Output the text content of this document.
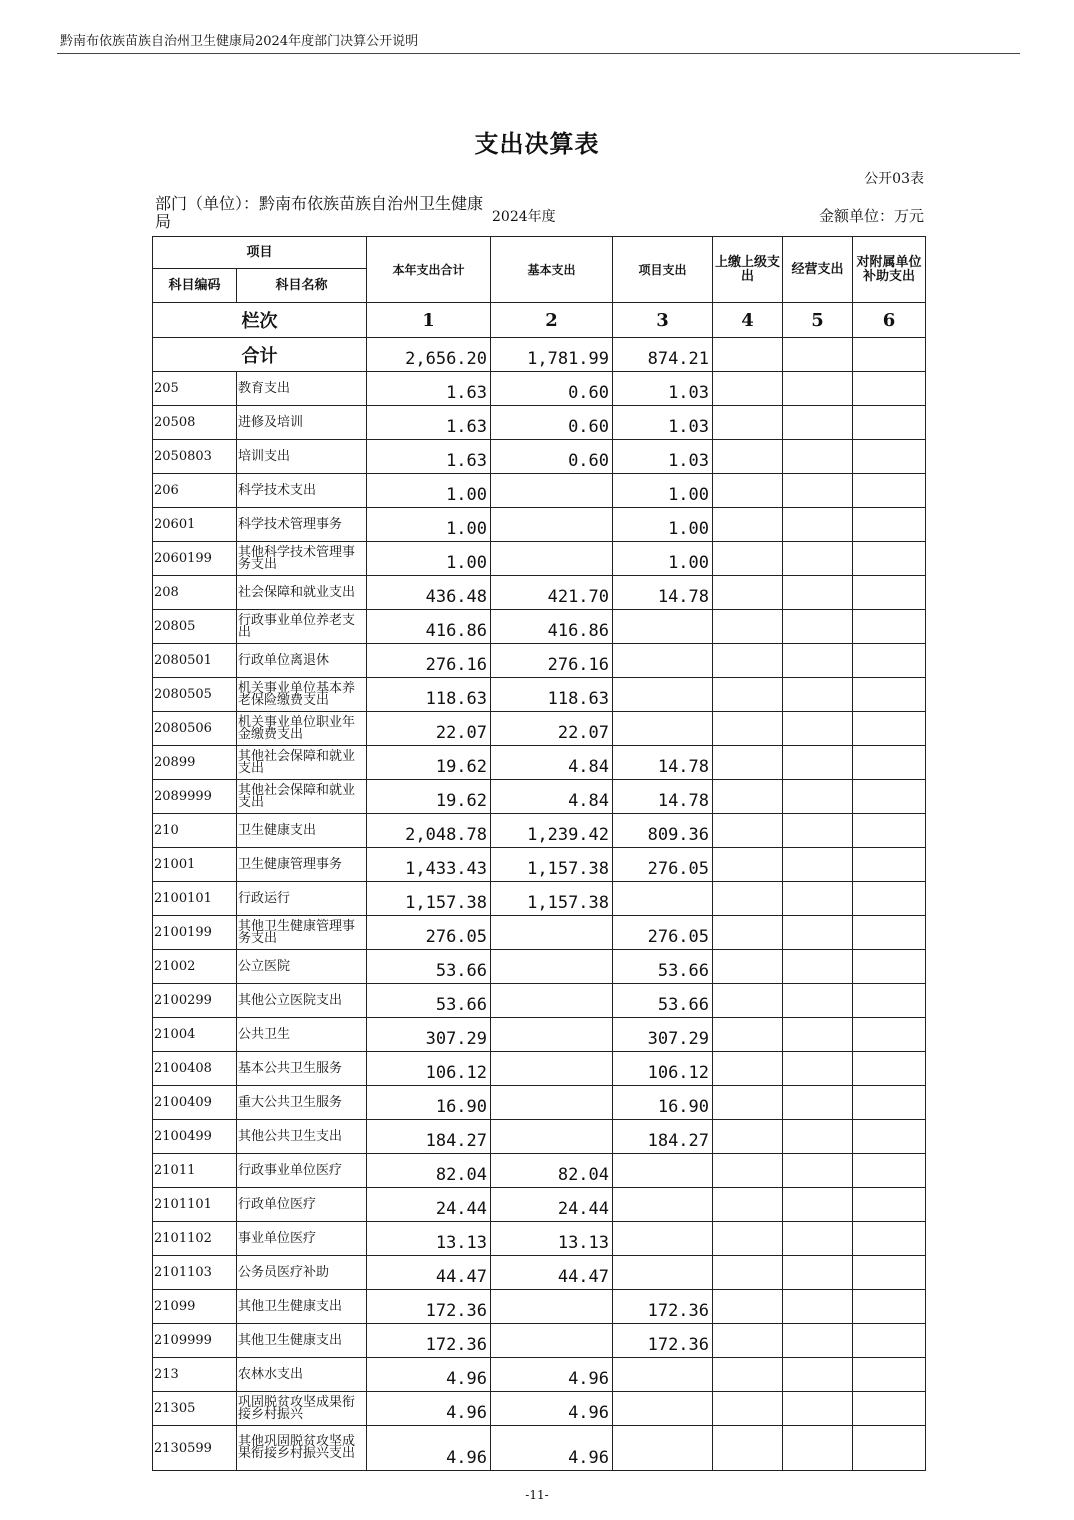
黔南布依族苗族自治州卫生健康局2024年度部门决算公开说明
支出决算表
公开03表
部门（单位）：黔南布依族苗族自治州卫生健康局	2024年度	金额单位：万元
项目		本年支出合计	基本支出	项目支出	上缴上级支出	经营支出	对附属单位补助支出
科目编码	科目名称						
栏次		1	2	3	4	5	6
合计		2,656.20	1,781.99	874.21			
205	教育支出	1.63	0.60	1.03			
20508	进修及培训	1.63	0.60	1.03			
2050803	培训支出	1.63	0.60	1.03			
206	科学技术支出	1.00		1.00			
20601	科学技术管理事务	1.00		1.00			
2060199	其他科学技术管理事务支出	1.00		1.00			
208	社会保障和就业支出	436.48	421.70	14.78			
20805	行政事业单位养老支出	416.86	416.86				
2080501	行政单位离退休	276.16	276.16				
2080505	机关事业单位基本养老保险缴费支出	118.63	118.63				
2080506	机关事业单位职业年金缴费支出	22.07	22.07				
20899	其他社会保障和就业支出	19.62	4.84	14.78			
2089999	其他社会保障和就业支出	19.62	4.84	14.78			
210	卫生健康支出	2,048.78	1,239.42	809.36			
21001	卫生健康管理事务	1,433.43	1,157.38	276.05			
2100101	行政运行	1,157.38	1,157.38				
2100199	其他卫生健康管理事务支出	276.05		276.05			
21002	公立医院	53.66		53.66			
2100299	其他公立医院支出	53.66		53.66			
21004	公共卫生	307.29		307.29			
2100408	基本公共卫生服务	106.12		106.12			
2100409	重大公共卫生服务	16.90		16.90			
2100499	其他公共卫生支出	184.27		184.27			
21011	行政事业单位医疗	82.04	82.04				
2101101	行政单位医疗	24.44	24.44				
2101102	事业单位医疗	13.13	13.13				
2101103	公务员医疗补助	44.47	44.47				
21099	其他卫生健康支出	172.36		172.36			
2109999	其他卫生健康支出	172.36		172.36			
213	农林水支出	4.96	4.96				
21305	巩固脱贫攻坚成果衔接乡村振兴	4.96	4.96				
2130599	其他巩固脱贫攻坚成果衔接乡村振兴支出	4.96	4.96				
-11-
